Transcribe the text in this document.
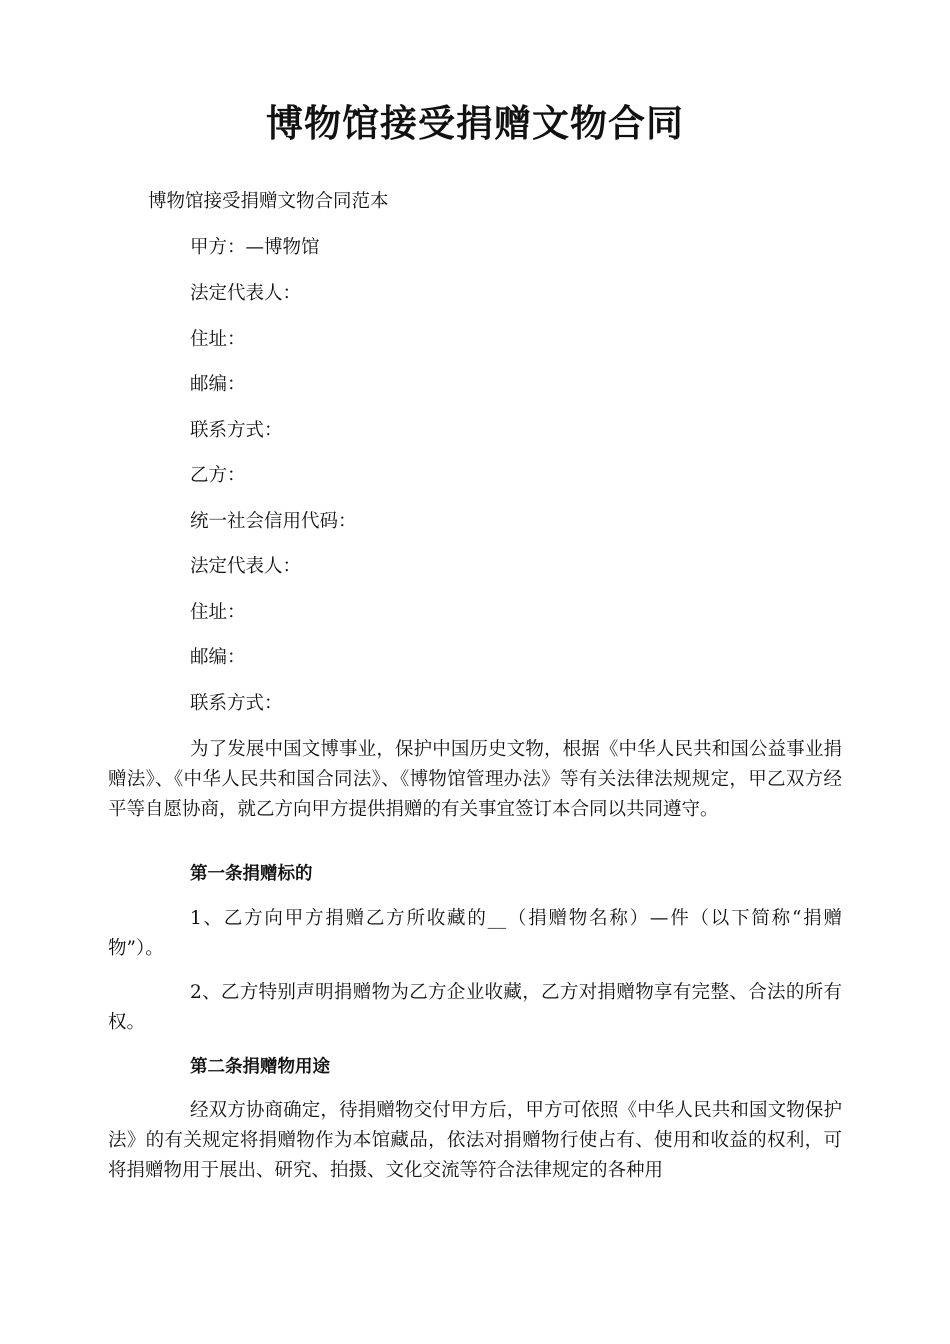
博物馆接受捐赠文物合同

博物馆接受捐赠文物合同范本

甲方：—博物馆

法定代表人：

住址：

邮编：

联系方式：

乙方：

统一社会信用代码：

法定代表人：

住址：

邮编：

联系方式：

为了发展中国文博事业，保护中国历史文物，根据《中华人民共和国公益事业捐赠法》、《中华人民共和国合同法》、《博物馆管理办法》等有关法律法规规定，甲乙双方经平等自愿协商，就乙方向甲方提供捐赠的有关事宜签订本合同以共同遵守。

第一条捐赠标的

1、乙方向甲方捐赠乙方所收藏的__（捐赠物名称）—件（以下简称“捐赠 物”）。

2、乙方特别声明捐赠物为乙方企业收藏，乙方对捐赠物享有完整、合法的所有权。

第二条捐赠物用途

经双方协商确定，待捐赠物交付甲方后，甲方可依照《中华人民共和国文物保护法》的有关规定将捐赠物作为本馆藏品，依法对捐赠物行使占有、使用和收益的权利，可将捐赠物用于展出、研究、拍摄、文化交流等符合法律规定的各种用
